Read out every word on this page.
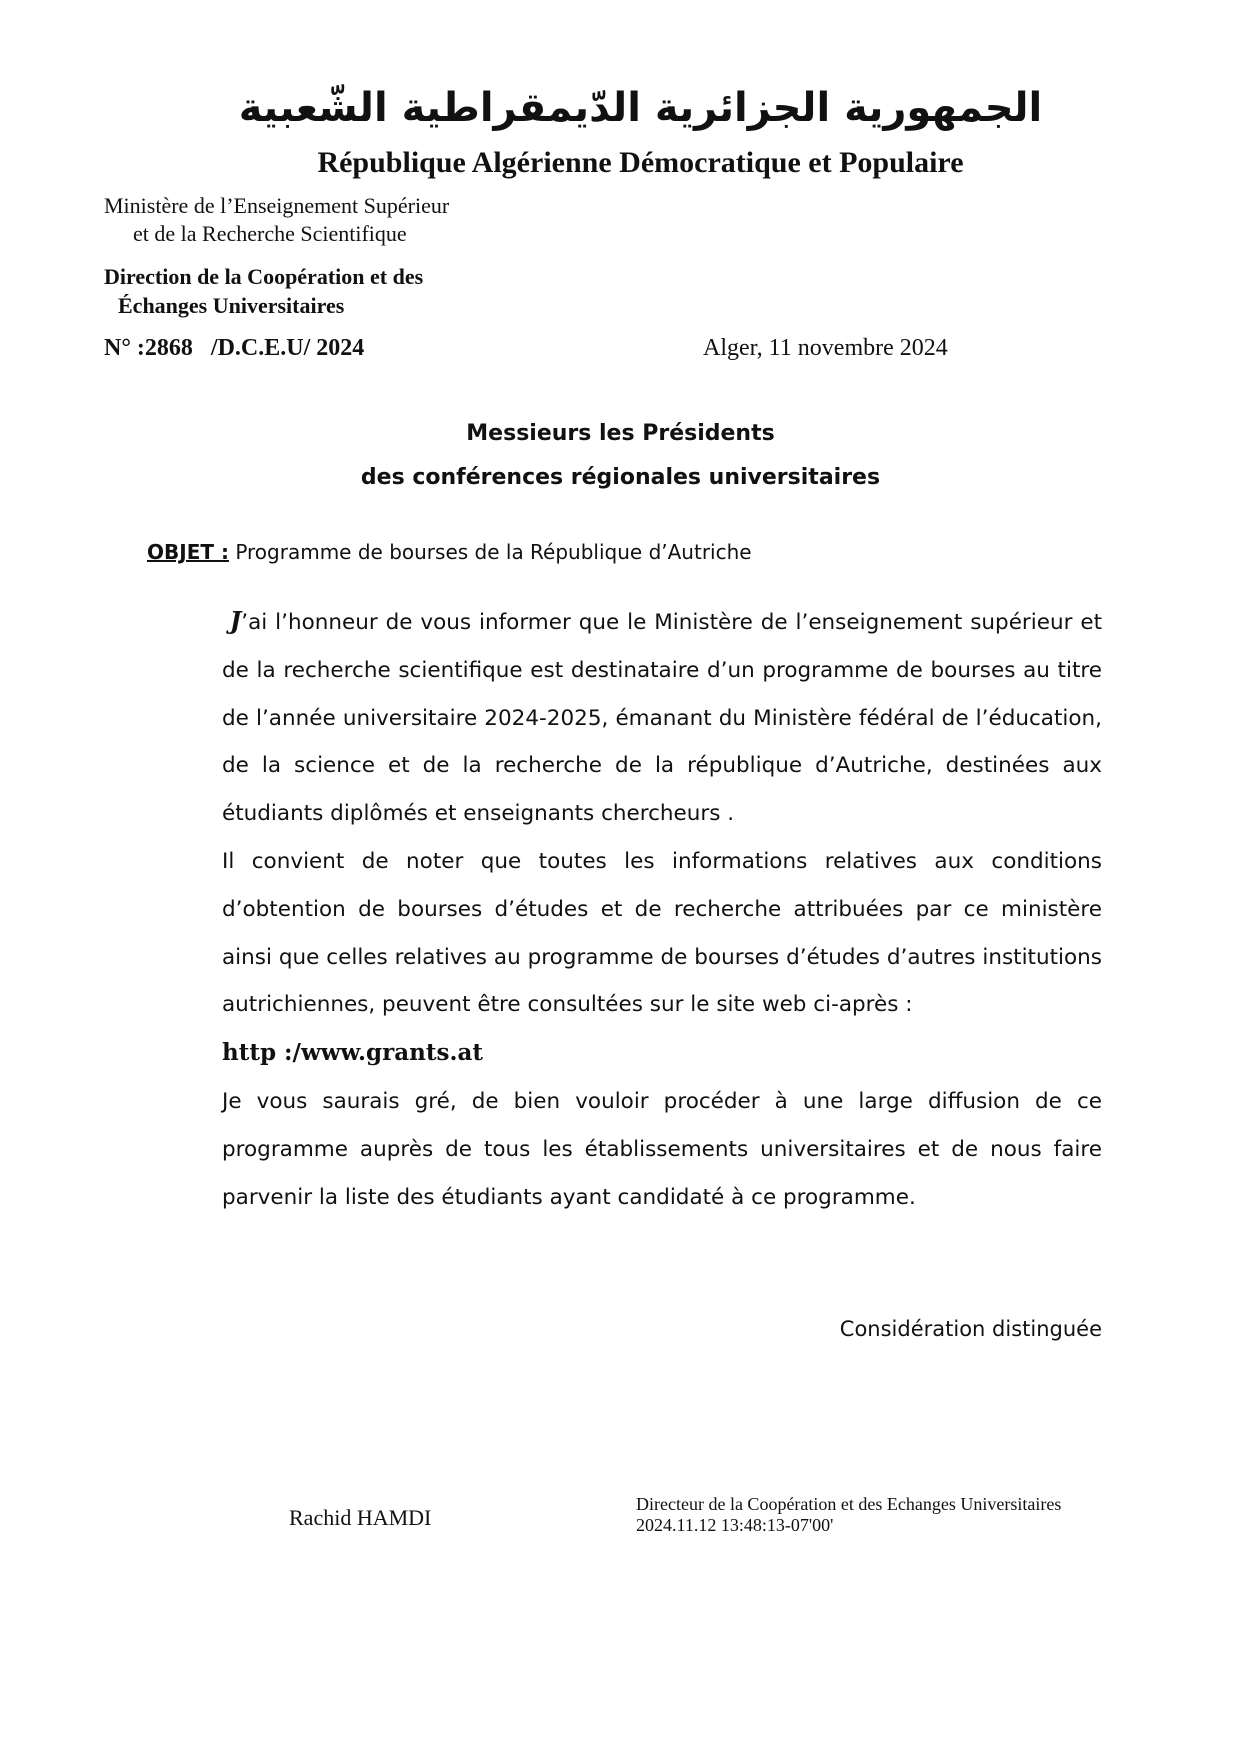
الجمهورية الجزائرية الدّيمقراطية الشّعبية
République Algérienne Démocratique et Populaire
Ministère de l’Enseignement Supérieur
et de la Recherche Scientifique
Direction de la Coopération et des
Échanges Universitaires
N° :2868 /D.C.E.U/ 2024	Alger, 11 novembre 2024
Messieurs les Présidents
des conférences régionales universitaires
OBJET : Programme de bourses de la République d’Autriche

J’ai l’honneur de vous informer que le Ministère de l’enseignement supérieur et de la recherche scientifique est destinataire d’un programme de bourses au titre de l’année universitaire 2024-2025, émanant du Ministère fédéral de l’éducation, de la science et de la recherche de la république d’Autriche, destinées aux étudiants diplômés et enseignants chercheurs .

Il convient de noter que toutes les informations relatives aux conditions d’obtention de bourses d’études et de recherche attribuées par ce ministère ainsi que celles relatives au programme de bourses d’études d’autres institutions autrichiennes, peuvent être consultées sur le site web ci-après :

http :/www.grants.at

Je vous saurais gré, de bien vouloir procéder à une large diffusion de ce programme auprès de tous les établissements universitaires et de nous faire parvenir la liste des étudiants ayant candidaté à ce programme.

Considération distinguée
Rachid HAMDI
Directeur de la Coopération et des Echanges Universitaires
2024.11.12 13:48:13-07'00'
